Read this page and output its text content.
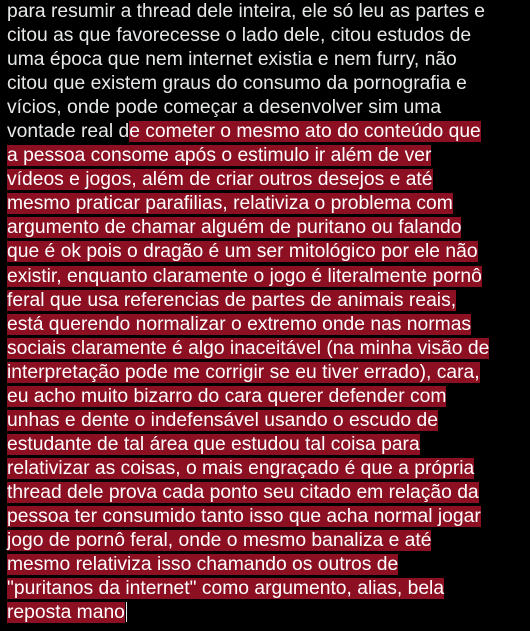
para resumir a thread dele inteira, ele só leu as partes e
citou as que favorecesse o lado dele, citou estudos de
uma época que nem internet existia e nem furry, não
citou que existem graus do consumo da pornografia e
vícios, onde pode começar a desenvolver sim uma
vontade real de cometer o mesmo ato do conteúdo que
a pessoa consome após o estimulo ir além de ver
vídeos e jogos, além de criar outros desejos e até
mesmo praticar parafilias, relativiza o problema com
argumento de chamar alguém de puritano ou falando
que é ok pois o dragão é um ser mitológico por ele não
existir, enquanto claramente o jogo é literalmente pornô
feral que usa referencias de partes de animais reais,
está querendo normalizar o extremo onde nas normas
sociais claramente é algo inaceitável (na minha visão de
interpretação pode me corrigir se eu tiver errado), cara,
eu acho muito bizarro do cara querer defender com
unhas e dente o indefensável usando o escudo de
estudante de tal área que estudou tal coisa para
relativizar as coisas, o mais engraçado é que a própria
thread dele prova cada ponto seu citado em relação da
pessoa ter consumido tanto isso que acha normal jogar
jogo de pornô feral, onde o mesmo banaliza e até
mesmo relativiza isso chamando os outros de
"puritanos da internet" como argumento, alias, bela
reposta mano
